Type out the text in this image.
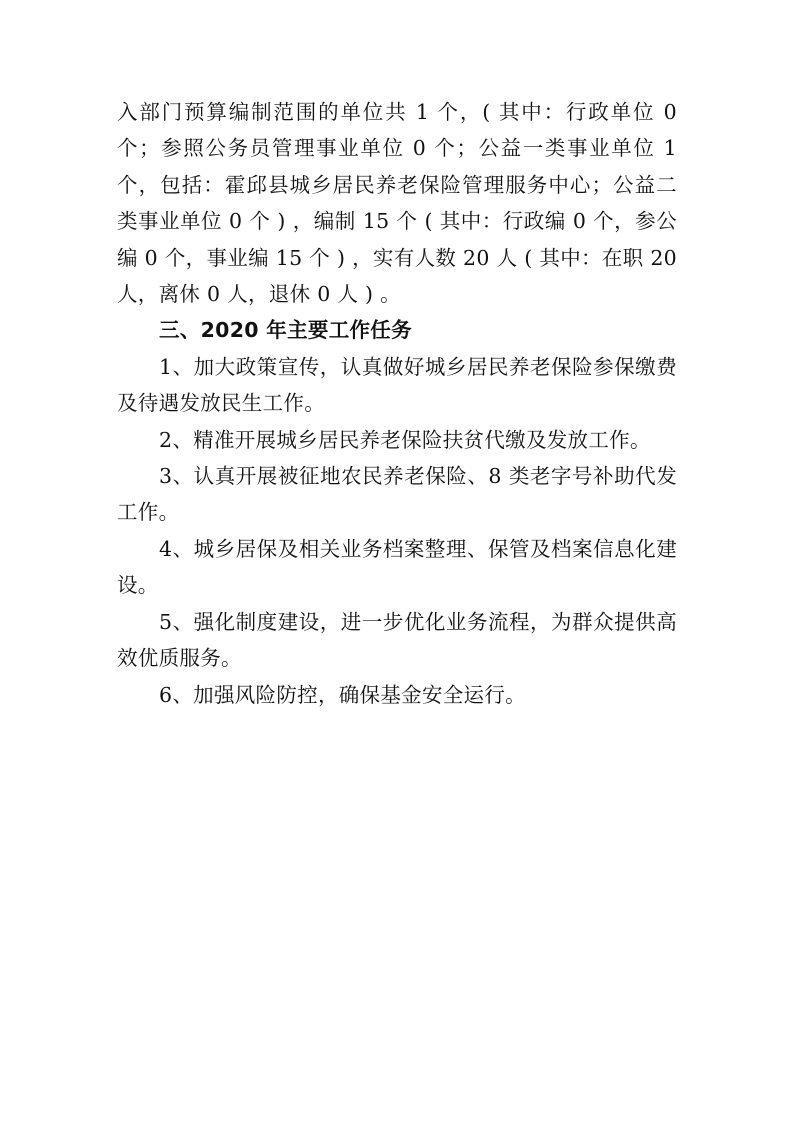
入部门预算编制范围的单位共 1 个，( 其中：行政单位 0 个；参照公务员管理事业单位 0 个；公益一类事业单位 1 个，包括：霍邱县城乡居民养老保险管理服务中心；公益二类事业单位 0 个 ) ，编制 15 个 ( 其中：行政编 0 个，参公编 0 个，事业编 15 个 ) ，实有人数 20 人 ( 其中：在职 20 人，离休 0 人，退休 0 人 ) 。

三、2020 年主要工作任务

1、加大政策宣传，认真做好城乡居民养老保险参保缴费及待遇发放民生工作。

2、精准开展城乡居民养老保险扶贫代缴及发放工作。

3、认真开展被征地农民养老保险、8 类老字号补助代发工作。

4、城乡居保及相关业务档案整理、保管及档案信息化建设。

5、强化制度建设，进一步优化业务流程，为群众提供高效优质服务。

6、加强风险防控，确保基金安全运行。
